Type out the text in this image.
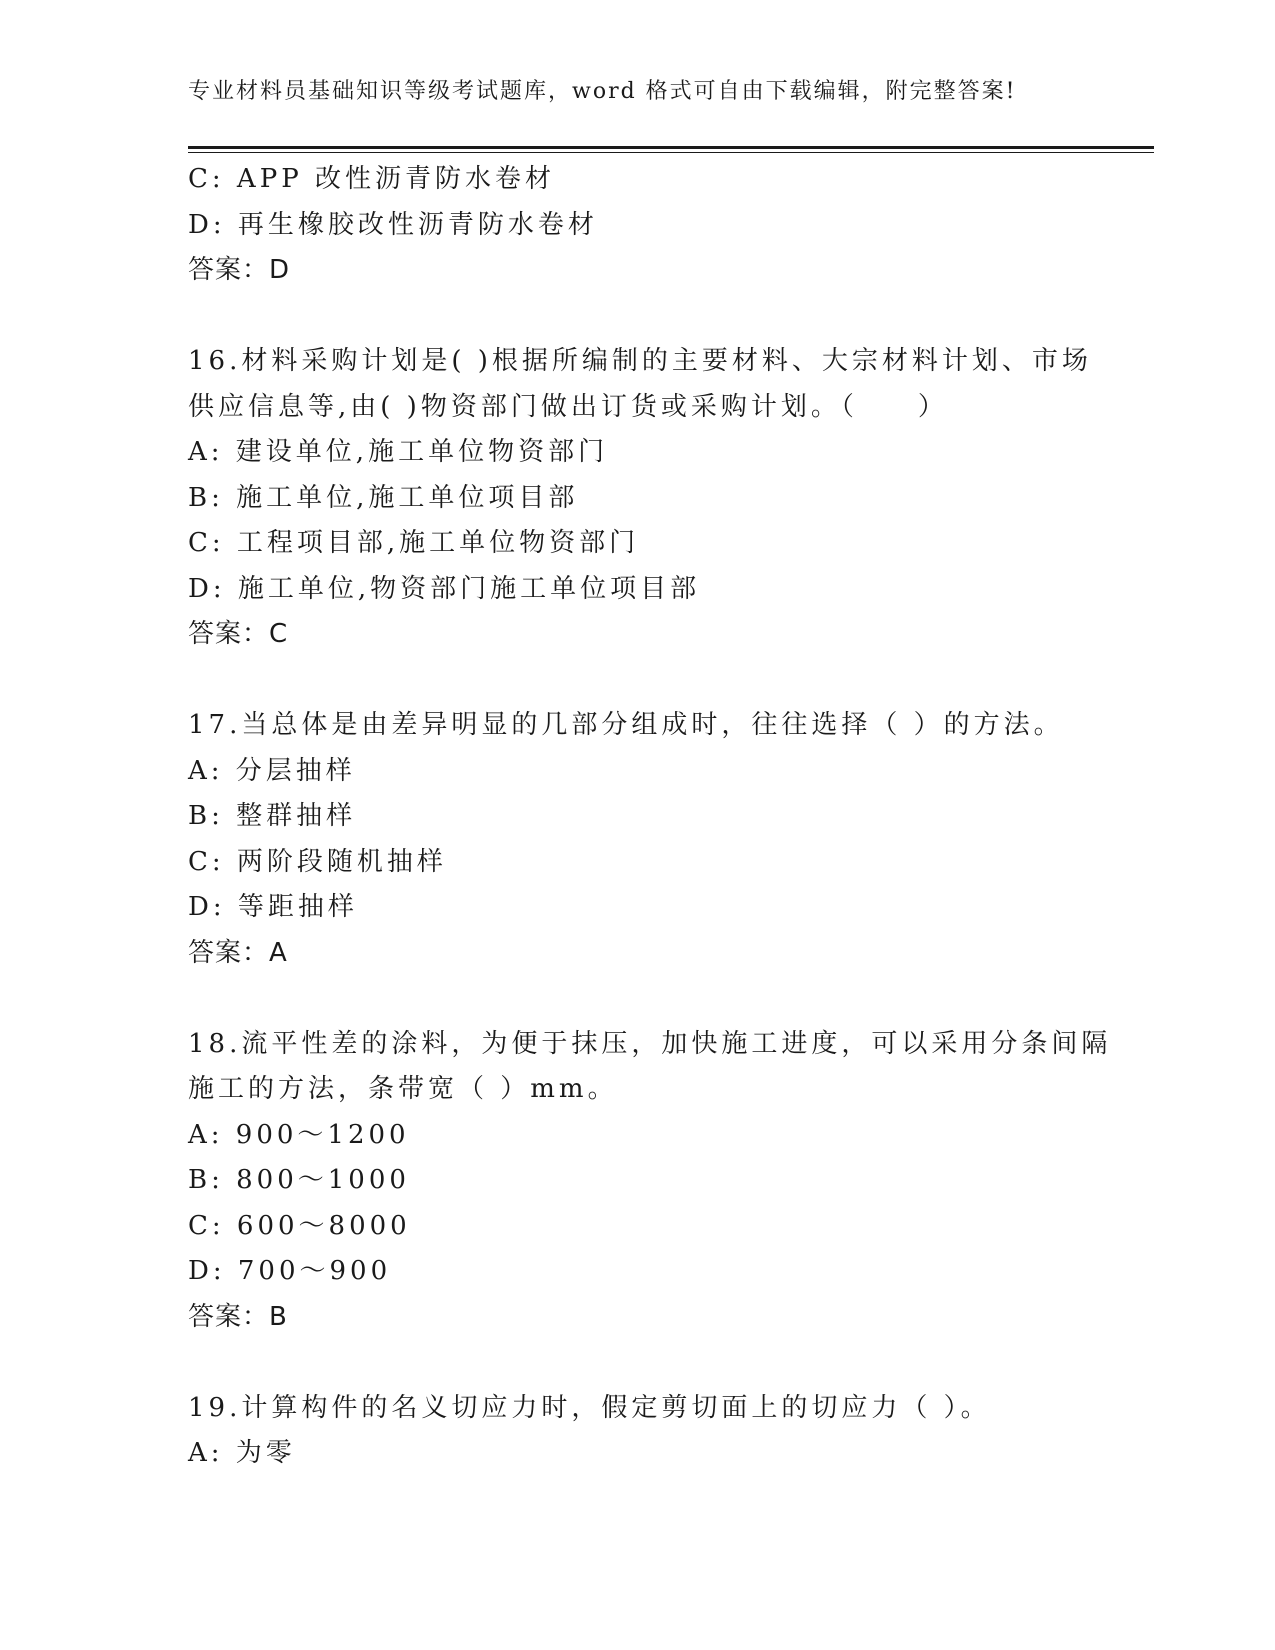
专业材料员基础知识等级考试题库，word 格式可自由下载编辑，附完整答案!
C: APP 改性沥青防水卷材
D: 再生橡胶改性沥青防水卷材
答案：D
16.材料采购计划是( )根据所编制的主要材料、大宗材料计划、市场
供应信息等,由( )物资部门做出订货或采购计划。（　　）
A: 建设单位,施工单位物资部门
B: 施工单位,施工单位项目部
C: 工程项目部,施工单位物资部门
D: 施工单位,物资部门施工单位项目部
答案：C
17.当总体是由差异明显的几部分组成时，往往选择（ ）的方法。
A: 分层抽样
B: 整群抽样
C: 两阶段随机抽样
D: 等距抽样
答案：A
18.流平性差的涂料，为便于抹压，加快施工进度，可以采用分条间隔
施工的方法，条带宽（ ）mm。
A: 900～1200
B: 800～1000
C: 600～8000
D: 700～900
答案：B
19.计算构件的名义切应力时，假定剪切面上的切应力（ ）。
A: 为零
